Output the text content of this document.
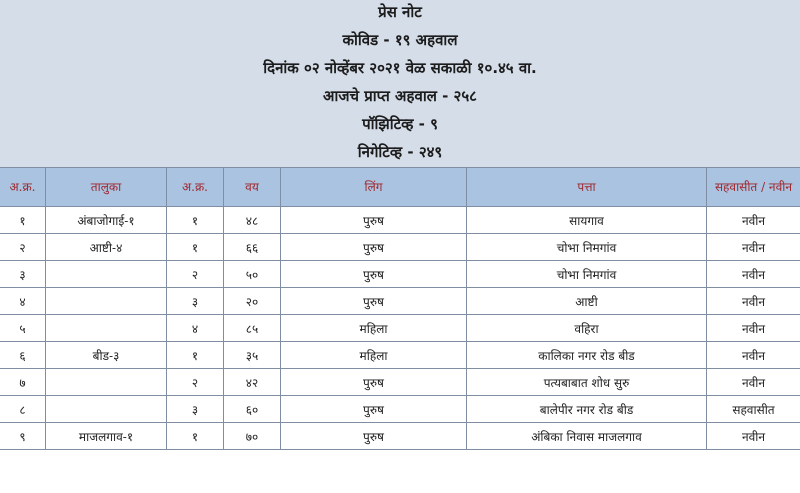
प्रेस नोट
कोविड - १९ अहवाल
दिनांक ०२ नोव्हेंबर २०२१ वेळ सकाळी १०.४५ वा.
आजचे प्राप्त अहवाल - २५८
पॉझिटिव्ह - ९
निगेटिव्ह - २४९
अ.क्र.	तालुका	अ.क्र.	वय	लिंग	पत्ता	सहवासीत / नवीन
१	अंबाजोगाई-१	१	४८	पुरुष	सायगाव	नवीन
२	आष्टी-४	१	६६	पुरुष	चोभा निमगांव	नवीन
३		२	५०	पुरुष	चोभा निमगांव	नवीन
४		३	२०	पुरुष	आष्टी	नवीन
५		४	८५	महिला	वहिरा	नवीन
६	बीड-३	१	३५	महिला	कालिका नगर रोड बीड	नवीन
७		२	४२	पुरुष	पत्यबाबात शोध सुरु	नवीन
८		३	६०	पुरुष	बालेपीर नगर रोड बीड	सहवासीत
९	माजलगाव-१	१	७०	पुरुष	अंबिका निवास माजलगाव	नवीन
